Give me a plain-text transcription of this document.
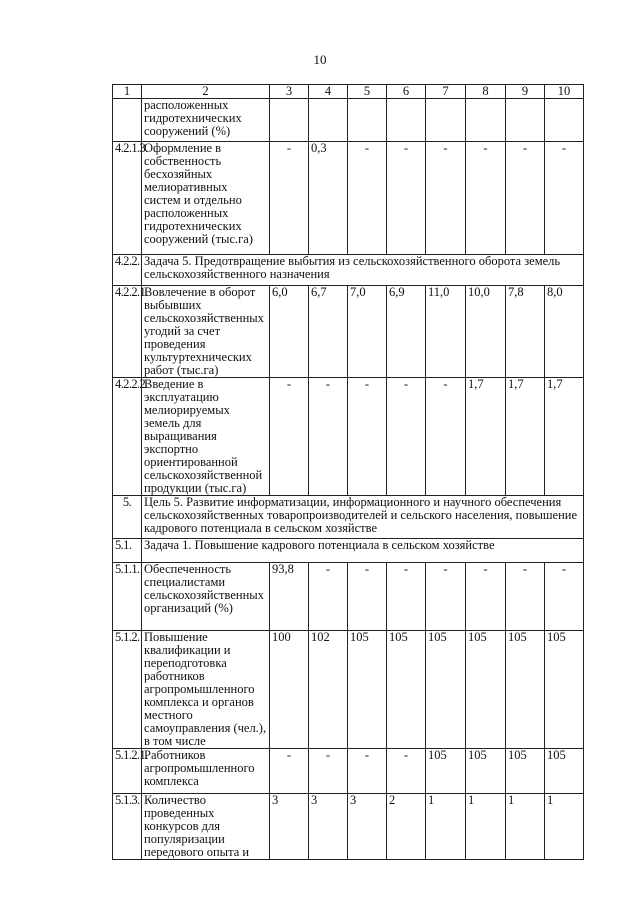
10
1	2	3	4	5	6	7	8	9	10
	расположенных гидротехнических сооружений (%)								
4.2.1.3.	Оформление в собственность бесхозяйных мелиоративных систем и отдельно расположенных гидротехнических сооружений (тыс.га)	-	0,3	-	-	-	-	-	-
4.2.2.	Задача 5. Предотвращение выбытия из сельскохозяйственного оборота земель сельскохозяйственного назначения								
4.2.2.1.	Вовлечение в оборот выбывших сельскохозяйственных угодий за счет проведения культуртехнических работ (тыс.га)	6,0	6,7	7,0	6,9	11,0	10,0	7,8	8,0
4.2.2.2.	Введение в эксплуатацию мелиорируемых земель для выращивания экспортно ориентированной сельскохозяйственной продукции (тыс.га)	-	-	-	-	-	1,7	1,7	1,7
5.	Цель 5. Развитие информатизации, информационного и научного обеспечения сельскохозяйственных товаропроизводителей и сельского населения, повышение кадрового потенциала в сельском хозяйстве								
5.1.	Задача 1. Повышение кадрового потенциала в сельском хозяйстве								
5.1.1.	Обеспеченность специалистами сельскохозяйственных организаций (%)	93,8	-	-	-	-	-	-	-
5.1.2.	Повышение квалификации и переподготовка работников агропромышленного комплекса и органов местного самоуправления (чел.), в том числе	100	102	105	105	105	105	105	105
5.1.2.1.	Работников агропромышленного комплекса	-	-	-	-	105	105	105	105
5.1.3.	Количество проведенных конкурсов для популяризации передового опыта и	3	3	3	2	1	1	1	1
